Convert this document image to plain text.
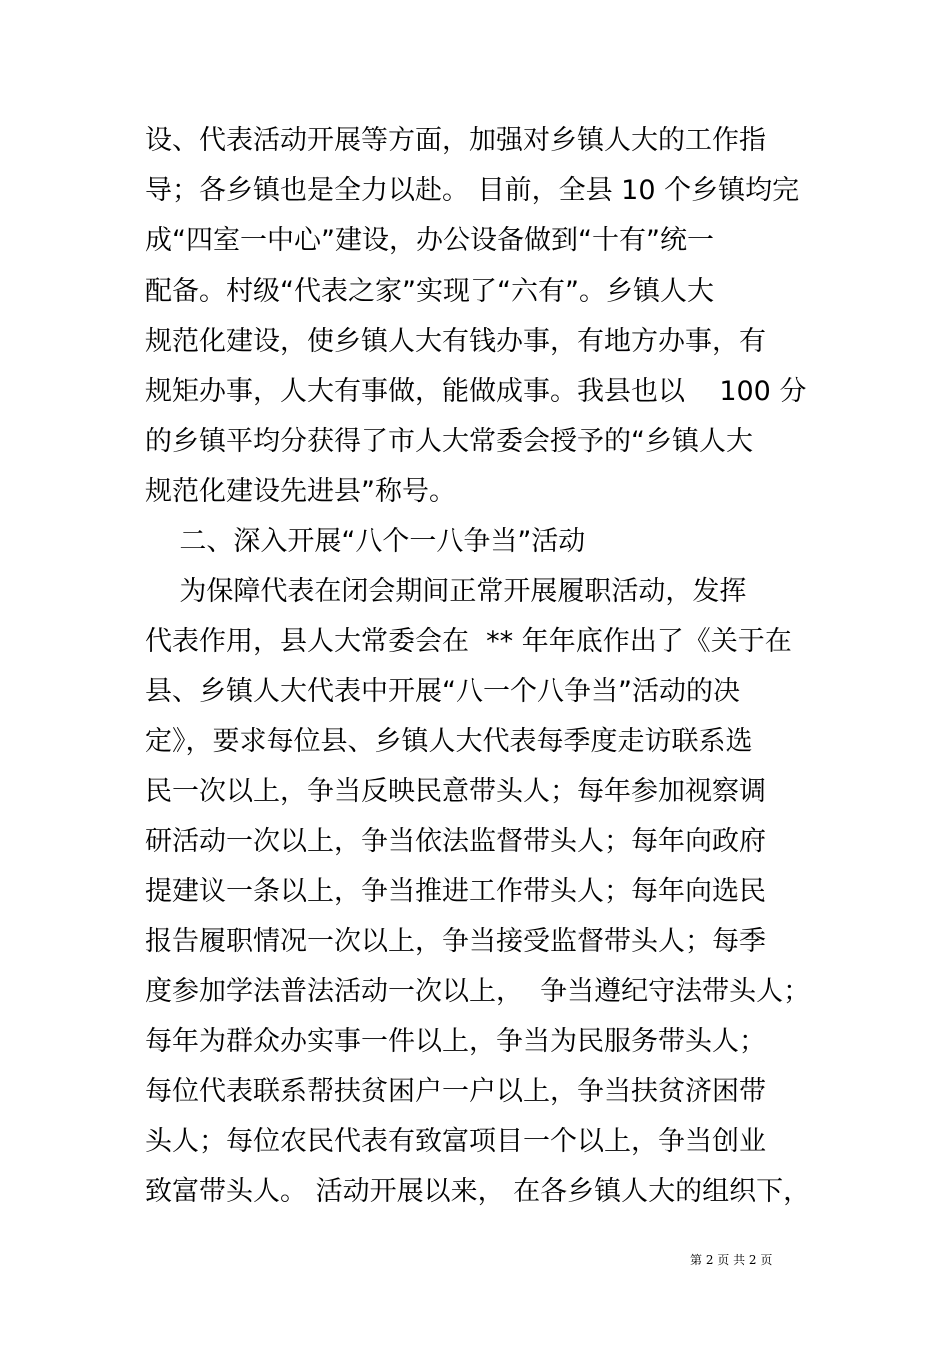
设、代表活动开展等方面，加强对乡镇人大的工作指
导；各乡镇也是全力以赴。 目前，全县 10 个乡镇均完
成“四室一中心”建设，办公设备做到“十有”统一
配备。村级“代表之家”实现了“六有”。乡镇人大
规范化建设，使乡镇人大有钱办事，有地方办事，有
规矩办事，人大有事做，能做成事。我县也以    100 分
的乡镇平均分获得了市人大常委会授予的“乡镇人大
规范化建设先进县”称号。
二、深入开展“八个一八争当”活动
为保障代表在闭会期间正常开展履职活动，发挥
代表作用，县人大常委会在  ** 年年底作出了《关于在
县、乡镇人大代表中开展“八一个八争当”活动的决
定》，要求每位县、乡镇人大代表每季度走访联系选
民一次以上，争当反映民意带头人；每年参加视察调
研活动一次以上，争当依法监督带头人；每年向政府
提建议一条以上，争当推进工作带头人；每年向选民
报告履职情况一次以上，争当接受监督带头人；每季
度参加学法普法活动一次以上，  争当遵纪守法带头人；
每年为群众办实事一件以上，争当为民服务带头人；
每位代表联系帮扶贫困户一户以上，争当扶贫济困带
头人；每位农民代表有致富项目一个以上，争当创业
致富带头人。 活动开展以来， 在各乡镇人大的组织下，
第 2 页 共 2 页
